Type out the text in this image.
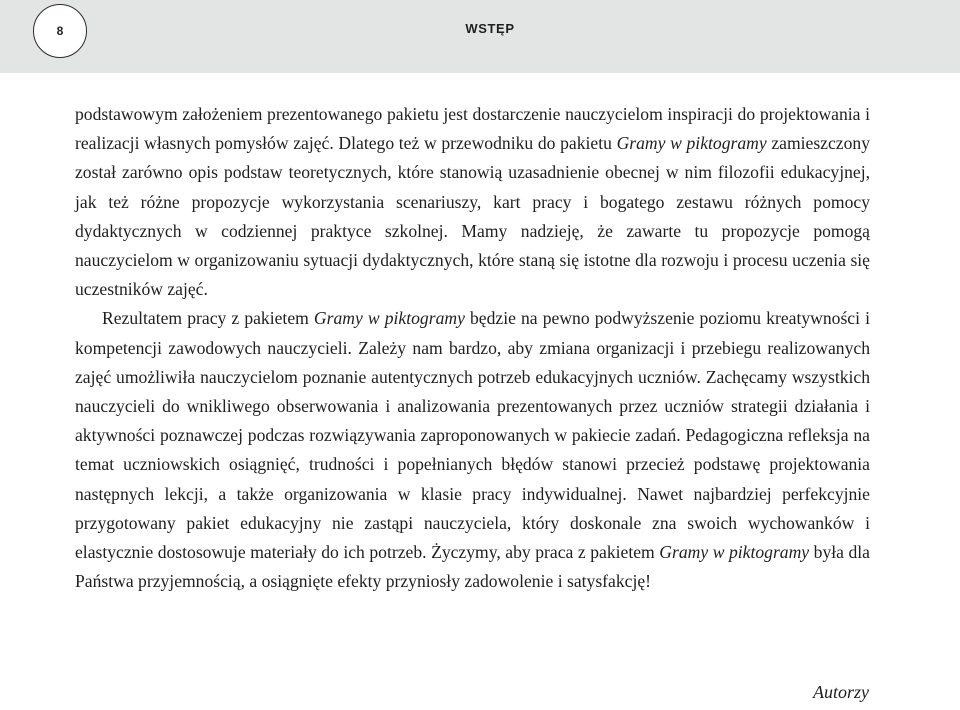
8	WSTĘP

podstawowym założeniem prezentowanego pakietu jest dostarczenie nauczycielom inspiracji do projektowania i realizacji własnych pomysłów zajęć. Dlatego też w przewodniku do pakietu Gramy w piktogramy zamieszczony został zarówno opis podstaw teoretycznych, które stanowią uzasadnienie obecnej w nim filozofii edukacyjnej, jak też różne propozycje wykorzystania scenariuszy, kart pracy i bogatego zestawu różnych pomocy dydaktycznych w codziennej praktyce szkolnej. Mamy nadzieję, że zawarte tu propozycje pomogą nauczycielom w organizowaniu sytuacji dydaktycznych, które staną się istotne dla rozwoju i procesu uczenia się uczestników zajęć.

Rezultatem pracy z pakietem Gramy w piktogramy będzie na pewno podwyższenie poziomu kreatywności i kompetencji zawodowych nauczycieli. Zależy nam bardzo, aby zmiana organizacji i przebiegu realizowanych zajęć umożliwiła nauczycielom poznanie autentycznych potrzeb edukacyjnych uczniów. Zachęcamy wszystkich nauczycieli do wnikliwego obserwowania i analizowania prezentowanych przez uczniów strategii działania i aktywności poznawczej podczas rozwiązywania zaproponowanych w pakiecie zadań. Pedagogiczna refleksja na temat uczniowskich osiągnięć, trudności i popełnianych błędów stanowi przecież podstawę projektowania następnych lekcji, a także organizowania w klasie pracy indywidualnej. Nawet najbardziej perfekcyjnie przygotowany pakiet edukacyjny nie zastąpi nauczyciela, który doskonale zna swoich wychowanków i elastycznie dostosowuje materiały do ich potrzeb. Życzymy, aby praca z pakietem Gramy w piktogramy była dla Państwa przyjemnością, a osiągnięte efekty przyniosły zadowolenie i satysfakcję!

Autorzy
